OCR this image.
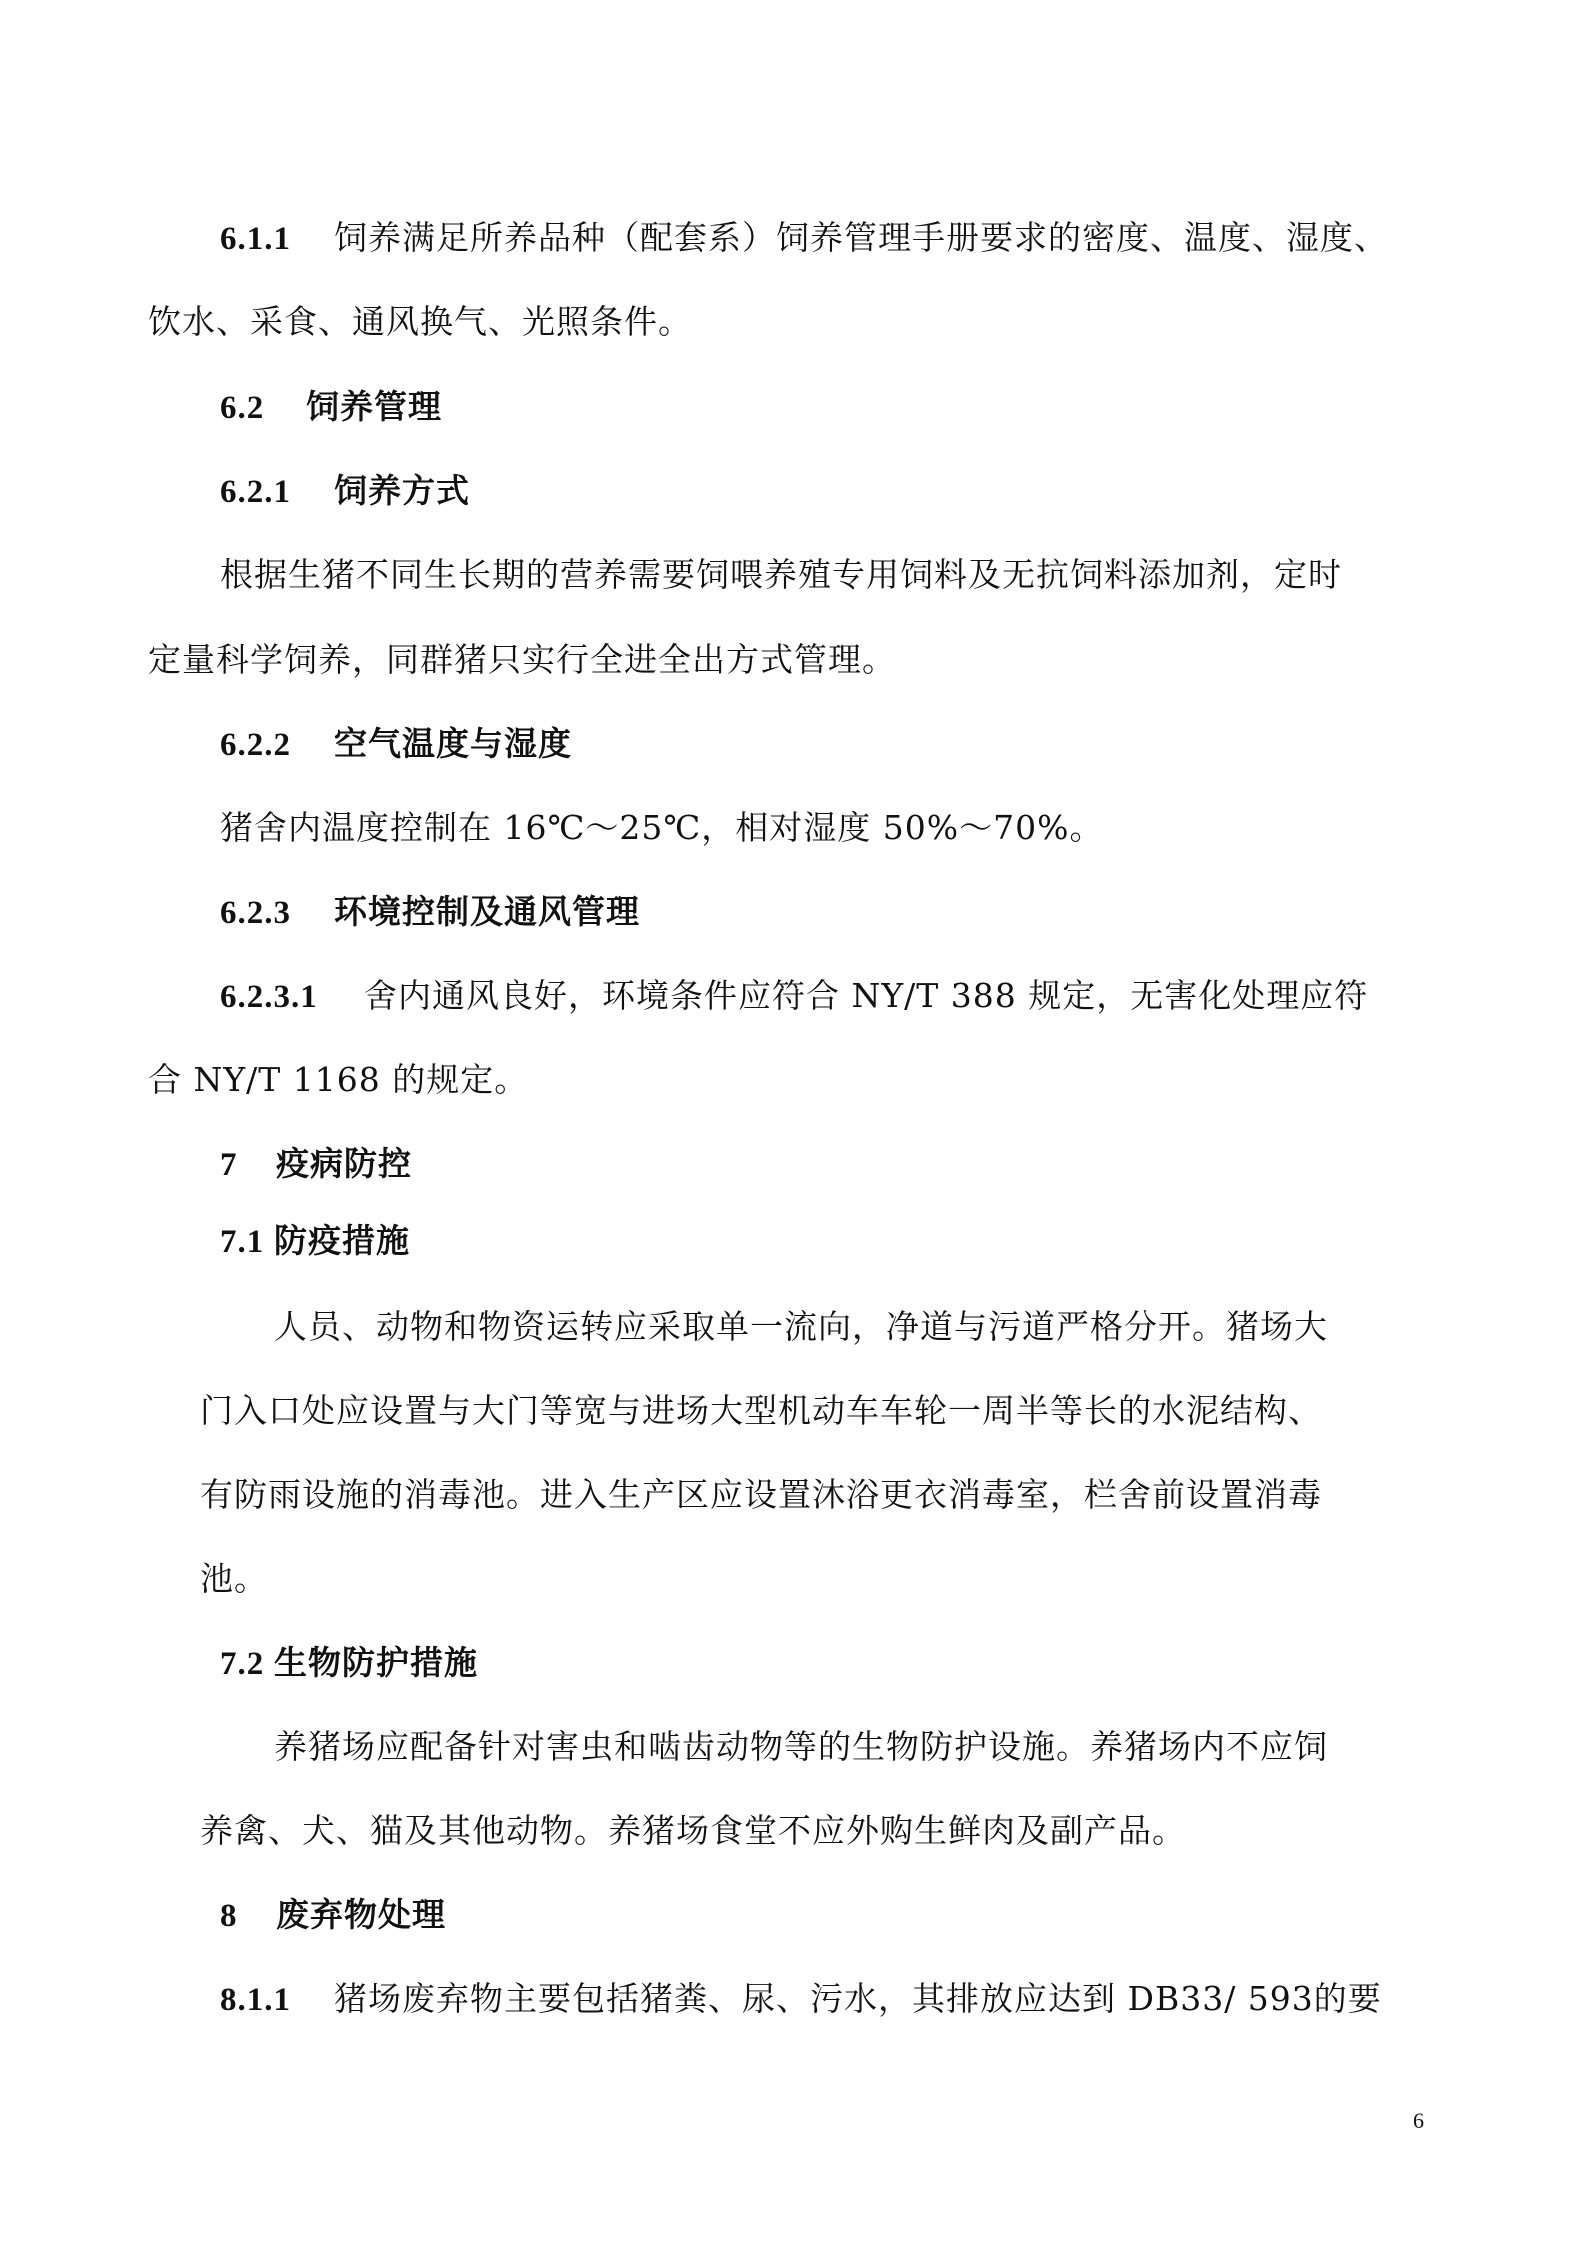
6.1.1 饲养满足所养品种（配套系）饲养管理手册要求的密度、温度、湿度、
饮水、采食、通风换气、光照条件。
6.2 饲养管理
6.2.1 饲养方式
根据生猪不同生长期的营养需要饲喂养殖专用饲料及无抗饲料添加剂，定时
定量科学饲养，同群猪只实行全进全出方式管理。
6.2.2 空气温度与湿度
猪舍内温度控制在 16℃～25℃，相对湿度 50%～70%。
6.2.3 环境控制及通风管理
6.2.3.1 舍内通风良好，环境条件应符合 NY/T 388 规定，无害化处理应符
合 NY/T 1168 的规定。
7 疫病防控
7.1 防疫措施
人员、动物和物资运转应采取单一流向，净道与污道严格分开。猪场大
门入口处应设置与大门等宽与进场大型机动车车轮一周半等长的水泥结构、
有防雨设施的消毒池。进入生产区应设置沐浴更衣消毒室，栏舍前设置消毒
池。
7.2 生物防护措施
养猪场应配备针对害虫和啮齿动物等的生物防护设施。养猪场内不应饲
养禽、犬、猫及其他动物。养猪场食堂不应外购生鲜肉及副产品。
8 废弃物处理
8.1.1 猪场废弃物主要包括猪粪、尿、污水，其排放应达到 DB33/ 593的要
6
